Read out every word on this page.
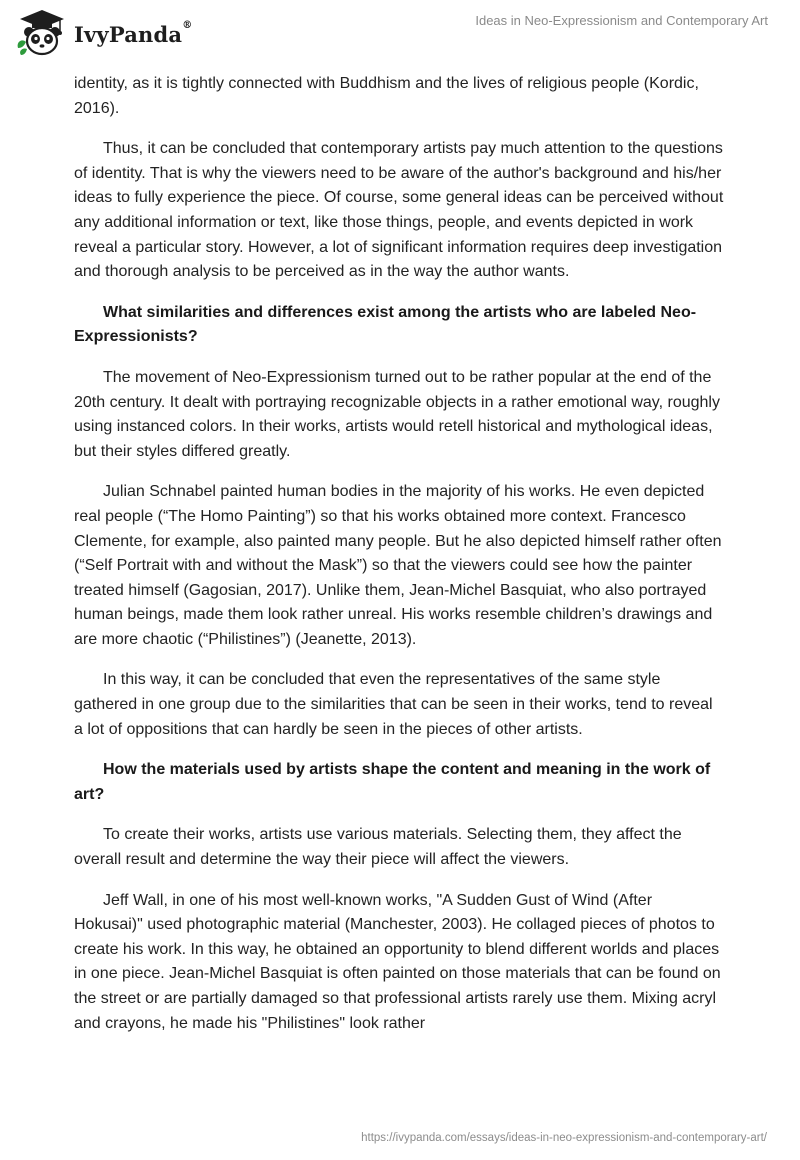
IvyPanda®	Ideas in Neo-Expressionism and Contemporary Art

identity, as it is tightly connected with Buddhism and the lives of religious people (Kordic, 2016).

Thus, it can be concluded that contemporary artists pay much attention to the questions of identity. That is why the viewers need to be aware of the author's background and his/her ideas to fully experience the piece. Of course, some general ideas can be perceived without any additional information or text, like those things, people, and events depicted in work reveal a particular story. However, a lot of significant information requires deep investigation and thorough analysis to be perceived as in the way the author wants.

What similarities and differences exist among the artists who are labeled Neo-Expressionists?

The movement of Neo-Expressionism turned out to be rather popular at the end of the 20th century. It dealt with portraying recognizable objects in a rather emotional way, roughly using instanced colors. In their works, artists would retell historical and mythological ideas, but their styles differed greatly.

Julian Schnabel painted human bodies in the majority of his works. He even depicted real people (“The Homo Painting”) so that his works obtained more context. Francesco Clemente, for example, also painted many people. But he also depicted himself rather often (“Self Portrait with and without the Mask”) so that the viewers could see how the painter treated himself (Gagosian, 2017). Unlike them, Jean-Michel Basquiat, who also portrayed human beings, made them look rather unreal. His works resemble children’s drawings and are more chaotic (“Philistines”) (Jeanette, 2013).

In this way, it can be concluded that even the representatives of the same style gathered in one group due to the similarities that can be seen in their works, tend to reveal a lot of oppositions that can hardly be seen in the pieces of other artists.

How the materials used by artists shape the content and meaning in the work of art?

To create their works, artists use various materials. Selecting them, they affect the overall result and determine the way their piece will affect the viewers.

Jeff Wall, in one of his most well-known works, "A Sudden Gust of Wind (After Hokusai)" used photographic material (Manchester, 2003). He collaged pieces of photos to create his work. In this way, he obtained an opportunity to blend different worlds and places in one piece. Jean-Michel Basquiat is often painted on those materials that can be found on the street or are partially damaged so that professional artists rarely use them. Mixing acryl and crayons, he made his "Philistines" look rather

https://ivypanda.com/essays/ideas-in-neo-expressionism-and-contemporary-art/
